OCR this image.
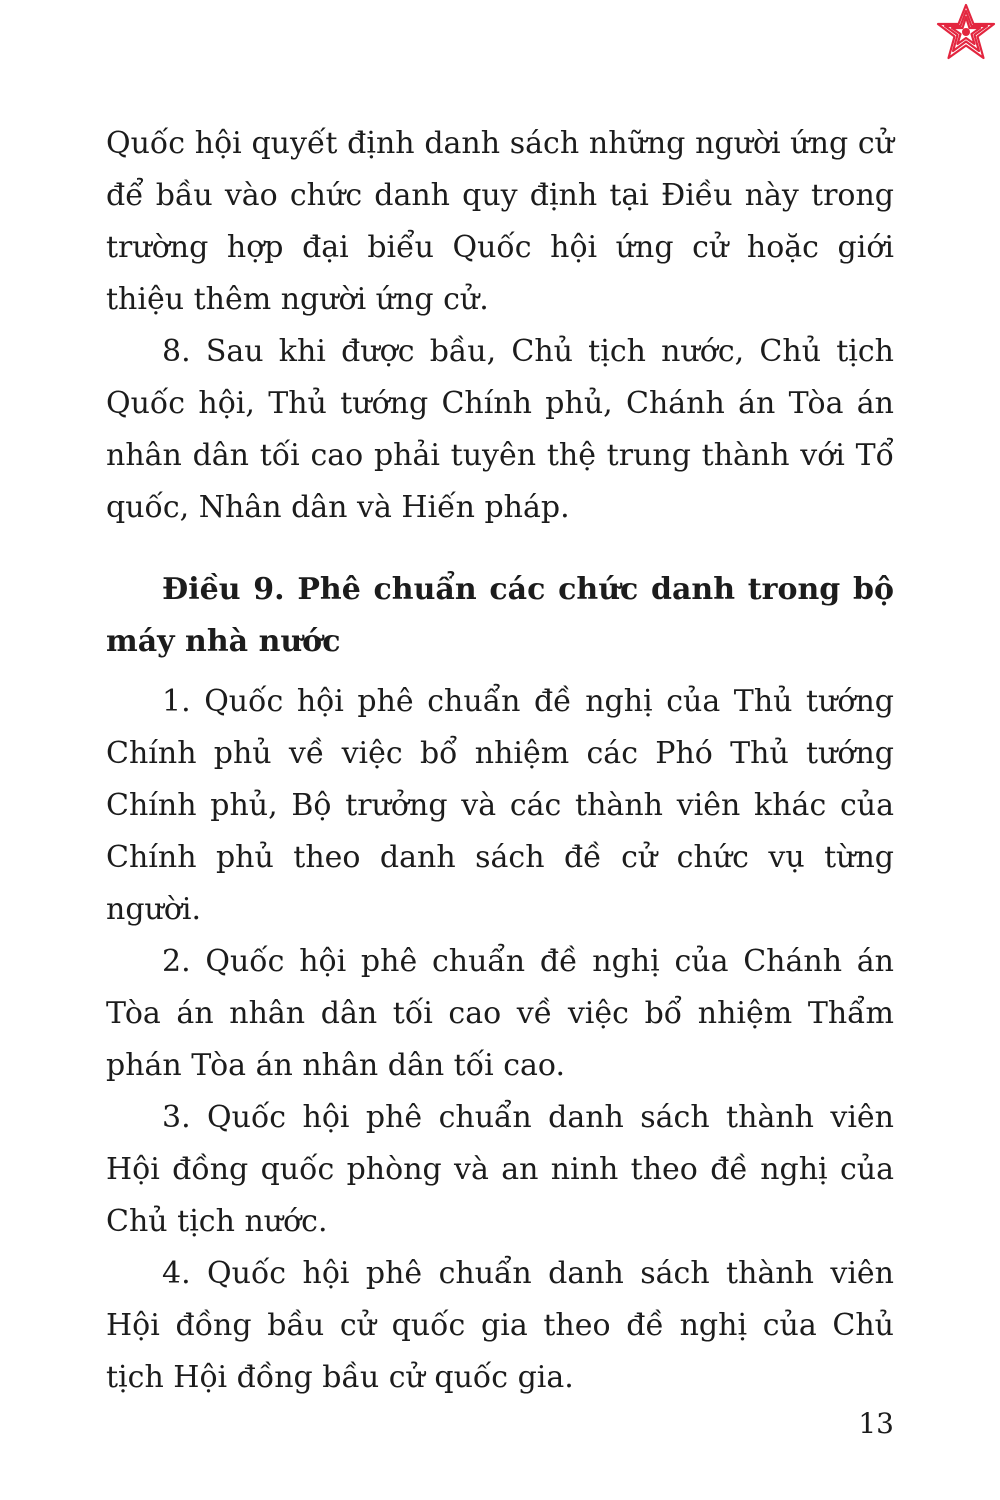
Quốc hội quyết định danh sách những người ứng cử để bầu vào chức danh quy định tại Điều này trong trường hợp đại biểu Quốc hội ứng cử hoặc giới thiệu thêm người ứng cử.

8. Sau khi được bầu, Chủ tịch nước, Chủ tịch Quốc hội, Thủ tướng Chính phủ, Chánh án Tòa án nhân dân tối cao phải tuyên thệ trung thành với Tổ quốc, Nhân dân và Hiến pháp.

Điều 9. Phê chuẩn các chức danh trong bộ máy nhà nước

1. Quốc hội phê chuẩn đề nghị của Thủ tướng Chính phủ về việc bổ nhiệm các Phó Thủ tướng Chính phủ, Bộ trưởng và các thành viên khác của Chính phủ theo danh sách đề cử chức vụ từng người.

2. Quốc hội phê chuẩn đề nghị của Chánh án Tòa án nhân dân tối cao về việc bổ nhiệm Thẩm phán Tòa án nhân dân tối cao.

3. Quốc hội phê chuẩn danh sách thành viên Hội đồng quốc phòng và an ninh theo đề nghị của Chủ tịch nước.

4. Quốc hội phê chuẩn danh sách thành viên Hội đồng bầu cử quốc gia theo đề nghị của Chủ tịch Hội đồng bầu cử quốc gia.

13
